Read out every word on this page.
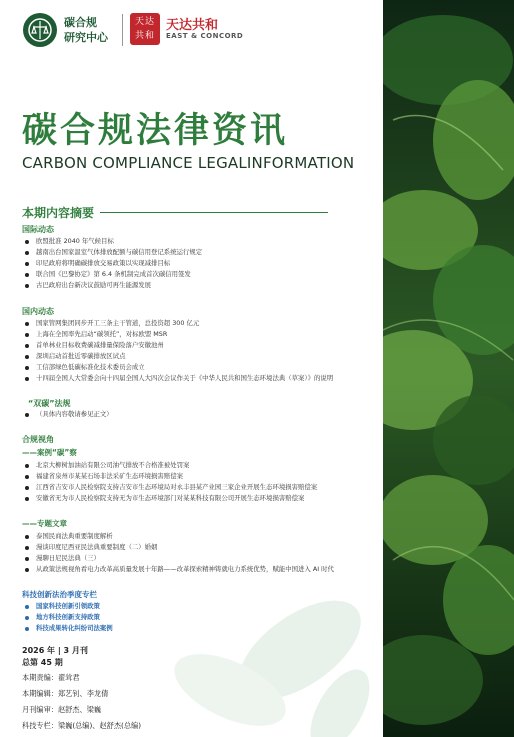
碳合规
研究中心
天达
共和
天达共和
EAST & CONCORD
碳合规法律资讯
CARBON COMPLIANCE LEGALINFORMATION
本期内容摘要
国际动态
欧盟批准 2040 年气候目标
越南出台国家温室气体排放配额与碳信用登记系统运行规定
印尼政府将明确碳排放交易政策以实现减排目标
联合国《巴黎协定》第 6.4 条机制完成首次碳信用签发
古巴政府出台新决议鼓励可再生能源发展
国内动态
国家管网集团同步开工三条主干管道，总投资超 300 亿元
上海在全国率先启动“碳领托”，对标欧盟 MSR
首单林业目标收费碳减排量保险落户安徽池州
深圳启动首批近零碳排放区试点
工信部绿色低碳标准化技术委员会成立
十四届全国人大常委会向十四届全国人大四次会议作关于《中华人民共和国生态环境法典（草案）》的说明
“双碳”法规
（具体内容敬请参见正文）
合规视角
——案例“碳”察
北京大柳树加油站有限公司油气排放不合格准被处罚案
福建省泉州市某某石场非法采矿生态环境损害赔偿案
江西省吉安市人民检察院支持吉安市生态环境局对永丰县某产业园三家企业开展生态环境损害赔偿案
安徽省无为市人民检察院支持无为市生态环境部门对某某科技有限公司开展生态环境损害赔偿案
——专题文章
泰国民商法典重要制度解析
漫谈印度尼西亚民法典重要制度（二）婚姻
漫聊日尼民法典（三）
从政策法规视角看电力改革高质量发展十年路——改革探索精神铸就电力系统优势，赋能中国进入 AI 时代
科技创新法治季度专栏
国家科技创新引领政策
地方科技创新支持政策
科技成果转化纠纷司法案例
2026 年 | 3 月刊
总第 45 期
本期责编：翟耸君
本期编辑：郑艺钊、李龙倩
月刊编审：赵舒杰、梁巍
科技专栏：梁巍(总编)、赵舒杰(总编)
